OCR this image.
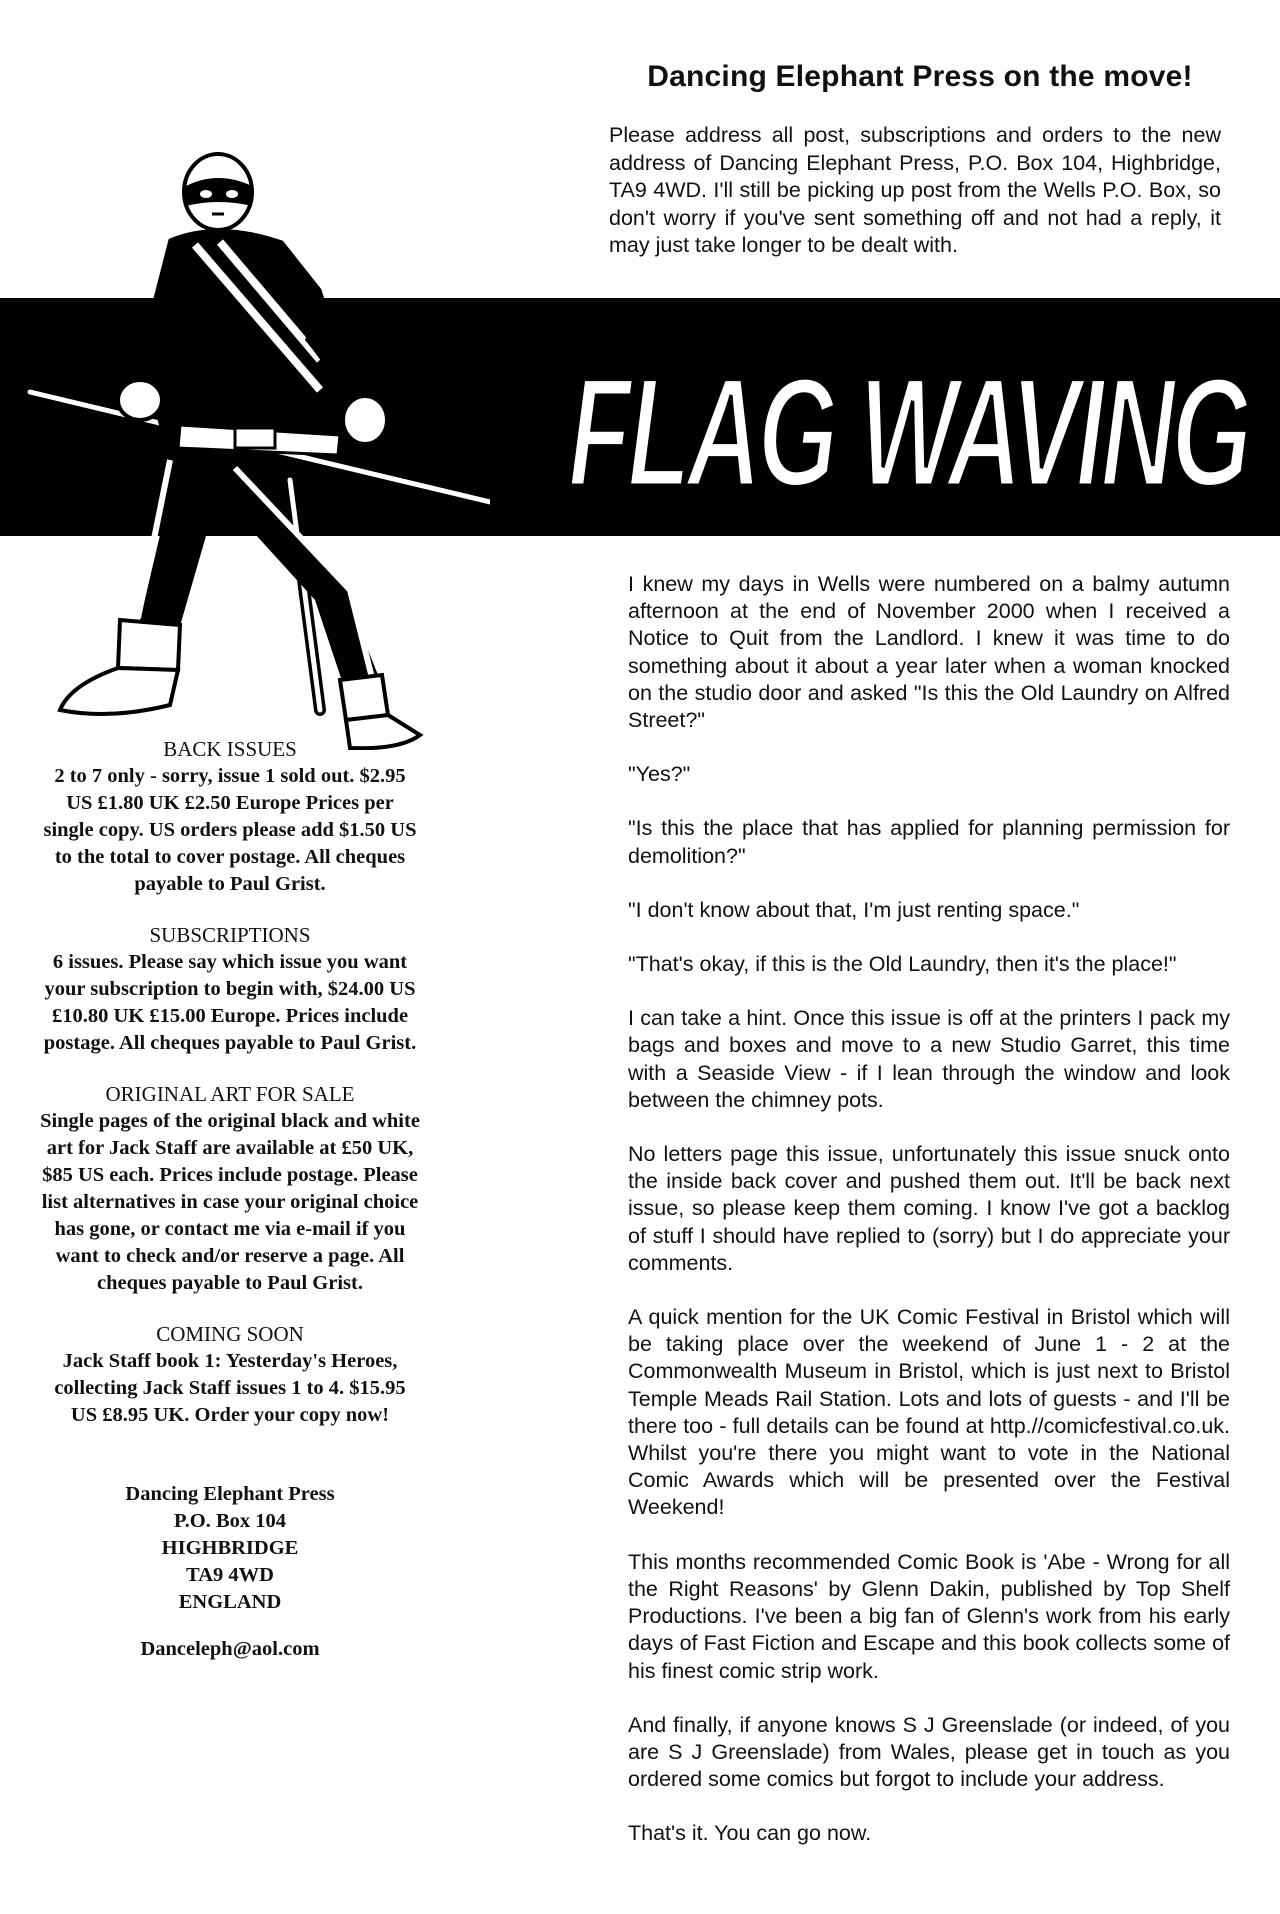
Dancing Elephant Press on the move!
Please address all post, subscriptions and orders to the new address of Dancing Elephant Press, P.O. Box 104, Highbridge, TA9 4WD. I'll still be picking up post from the Wells P.O. Box, so don't worry if you've sent something off and not had a reply, it may just take longer to be dealt with.
FLAG WAVING

BACK ISSUES

2 to 7 only - sorry, issue 1 sold out. $2.95 US £1.80 UK £2.50 Europe Prices per single copy. US orders please add $1.50 US to the total to cover postage. All cheques payable to Paul Grist.

SUBSCRIPTIONS

6 issues. Please say which issue you want your subscription to begin with, $24.00 US £10.80 UK £15.00 Europe. Prices include postage. All cheques payable to Paul Grist.

ORIGINAL ART FOR SALE

Single pages of the original black and white art for Jack Staff are available at £50 UK, $85 US each. Prices include postage. Please list alternatives in case your original choice has gone, or contact me via e-mail if you want to check and/or reserve a page. All cheques payable to Paul Grist.

COMING SOON

Jack Staff book 1: Yesterday's Heroes, collecting Jack Staff issues 1 to 4. $15.95 US £8.95 UK. Order your copy now!

Dancing Elephant Press

P.O. Box 104

HIGHBRIDGE

TA9 4WD

ENGLAND

Danceleph@aol.com

I knew my days in Wells were numbered on a balmy autumn afternoon at the end of November 2000 when I received a Notice to Quit from the Landlord. I knew it was time to do something about it about a year later when a woman knocked on the studio door and asked "Is this the Old Laundry on Alfred Street?"

"Yes?"

"Is this the place that has applied for planning permission for demolition?"

"I don't know about that, I'm just renting space."

"That's okay, if this is the Old Laundry, then it's the place!"

I can take a hint. Once this issue is off at the printers I pack my bags and boxes and move to a new Studio Garret, this time with a Seaside View - if I lean through the window and look between the chimney pots.

No letters page this issue, unfortunately this issue snuck onto the inside back cover and pushed them out. It'll be back next issue, so please keep them coming. I know I've got a backlog of stuff I should have replied to (sorry) but I do appreciate your comments.

A quick mention for the UK Comic Festival in Bristol which will be taking place over the weekend of June 1 - 2 at the Commonwealth Museum in Bristol, which is just next to Bristol Temple Meads Rail Station. Lots and lots of guests - and I'll be there too - full details can be found at http.//comicfestival.co.uk. Whilst you're there you might want to vote in the National Comic Awards which will be presented over the Festival Weekend!

This months recommended Comic Book is 'Abe - Wrong for all the Right Reasons' by Glenn Dakin, published by Top Shelf Productions. I've been a big fan of Glenn's work from his early days of Fast Fiction and Escape and this book collects some of his finest comic strip work.

And finally, if anyone knows S J Greenslade (or indeed, of you are S J Greenslade) from Wales, please get in touch as you ordered some comics but forgot to include your address.

That's it. You can go now.
